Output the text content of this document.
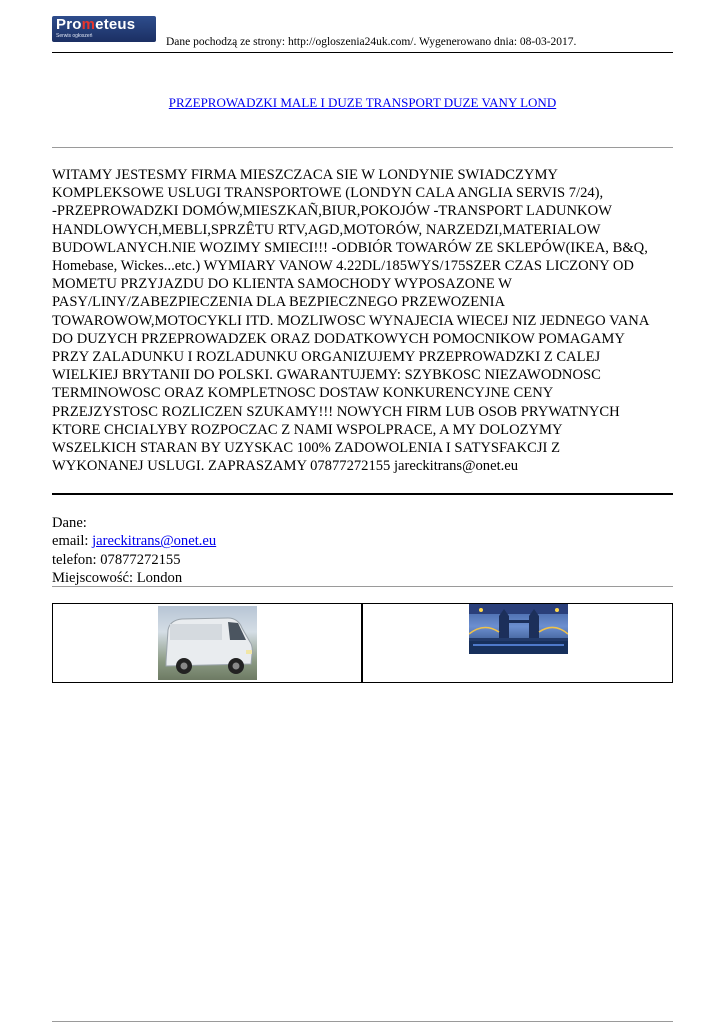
Prometeus
Serwis ogłoszeń	Dane pochodzą ze strony: http://ogloszenia24uk.com/. Wygenerowano dnia: 08-03-2017.
PRZEPROWADZKI MALE I DUZE TRANSPORT DUZE VANY LOND
WITAMY JESTESMY FIRMA MIESZCZACA SIE W LONDYNIE SWIADCZYMY
KOMPLEKSOWE USLUGI TRANSPORTOWE (LONDYN CALA ANGLIA SERVIS 7/24),
-PRZEPROWADZKI DOMÓW,MIESZKAÑ,BIUR,POKOJÓW -TRANSPORT LADUNKOW
HANDLOWYCH,MEBLI,SPRZÊTU RTV,AGD,MOTORÓW, NARZEDZI,MATERIALOW
BUDOWLANYCH.NIE WOZIMY SMIECI!!! -ODBIÓR TOWARÓW ZE SKLEPÓW(IKEA, B&Q,
Homebase, Wickes...etc.) WYMIARY VANOW 4.22DL/185WYS/175SZER CZAS LICZONY OD
MOMETU PRZYJAZDU DO KLIENTA SAMOCHODY WYPOSAZONE W
PASY/LINY/ZABEZPIECZENIA DLA BEZPIECZNEGO PRZEWOZENIA
TOWAROWOW,MOTOCYKLI ITD. MOZLIWOSC WYNAJECIA WIECEJ NIZ JEDNEGO VANA
DO DUZYCH PRZEPROWADZEK ORAZ DODATKOWYCH POMOCNIKOW POMAGAMY
PRZY ZALADUNKU I ROZLADUNKU ORGANIZUJEMY PRZEPROWADZKI Z CALEJ
WIELKIEJ BRYTANII DO POLSKI. GWARANTUJEMY: SZYBKOSC NIEZAWODNOSC
TERMINOWOSC ORAZ KOMPLETNOSC DOSTAW KONKURENCYJNE CENY
PRZEJZYSTOSC ROZLICZEN SZUKAMY!!! NOWYCH FIRM LUB OSOB PRYWATNYCH
KTORE CHCIALYBY ROZPOCZAC Z NAMI WSPOLPRACE, A MY DOLOZYMY
WSZELKICH STARAN BY UZYSKAC 100% ZADOWOLENIA I SATYSFAKCJI Z
WYKONANEJ USLUGI. ZAPRASZAMY 07877272155 jareckitrans@onet.eu
Dane:
email: jareckitrans@onet.eu
telefon: 07877272155
Miejscowość: London
